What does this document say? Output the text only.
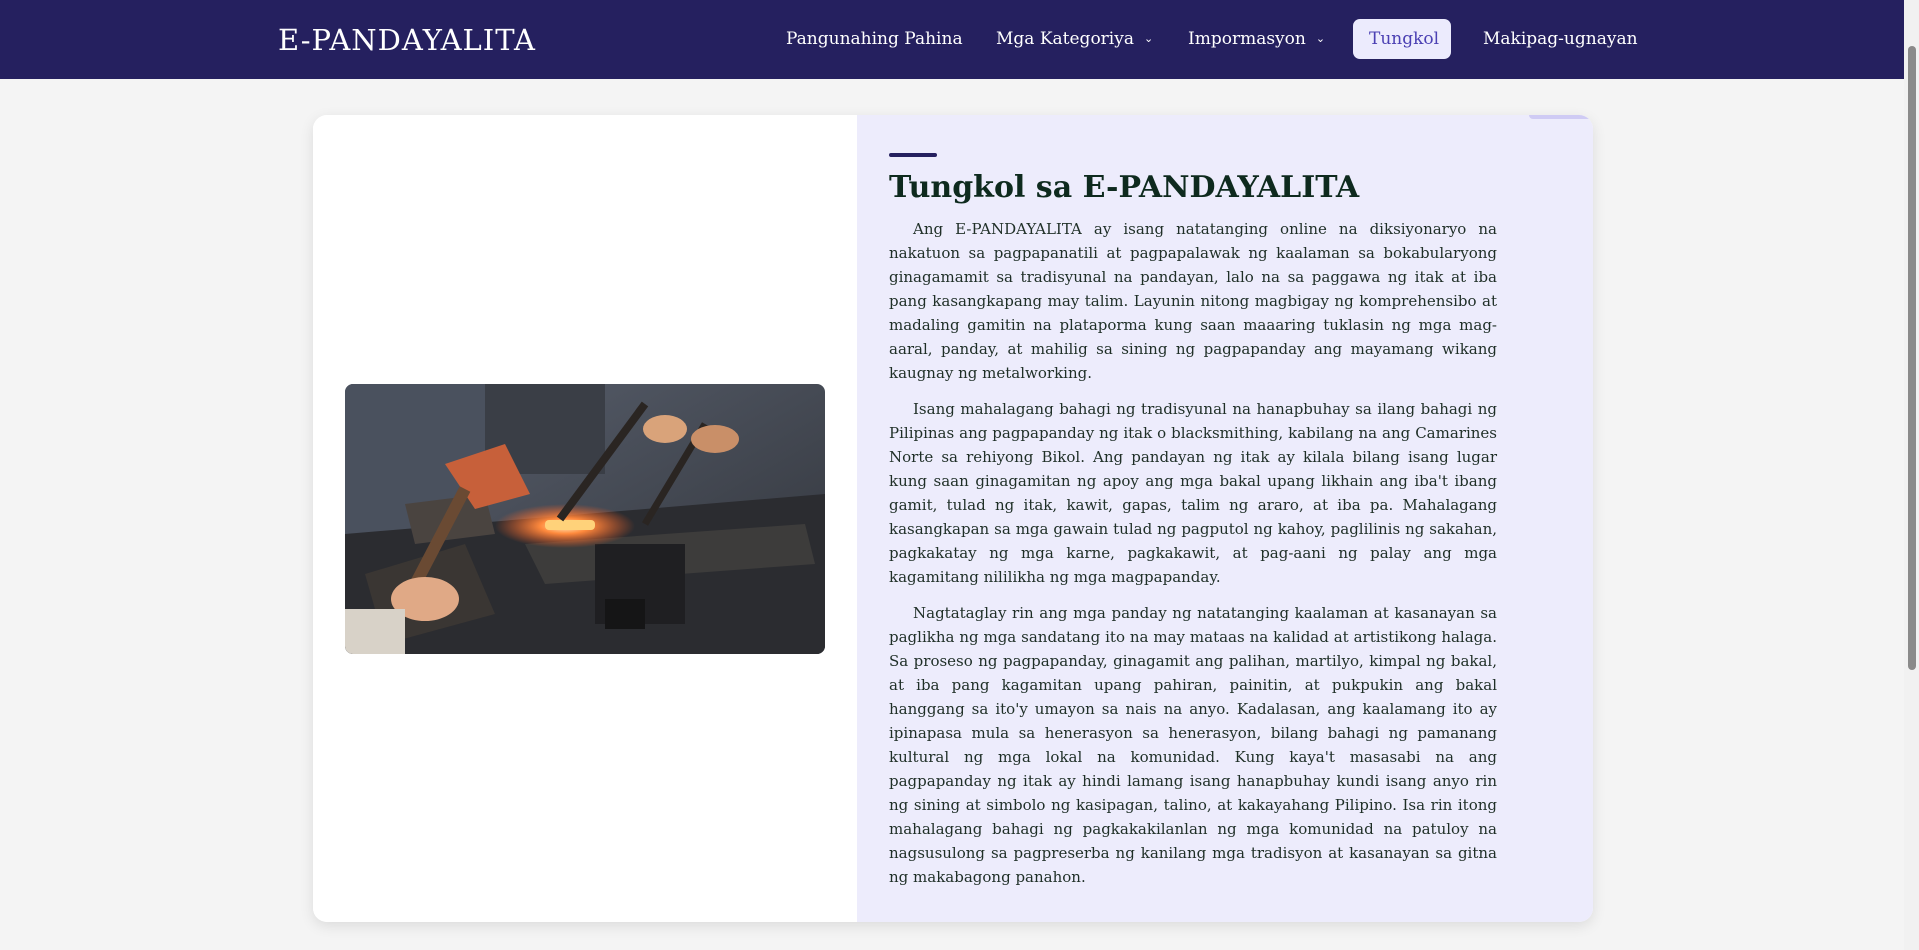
E-PANDAYALITA	Pangunahing Pahina Mga Kategoriya ⌄ Impormasyon ⌄	Tungkol	Makipag-ugnayan
Tungkol sa E-PANDAYALITA

Ang E-PANDAYALITA ay isang natatanging online na diksiyonaryo na nakatuon sa pagpapanatili at pagpapalawak ng kaalaman sa bokabularyong ginagamamit sa tradisyunal na pandayan, lalo na sa paggawa ng itak at iba pang kasangkapang may talim. Layunin nitong magbigay ng komprehensibo at madaling gamitin na plataporma kung saan maaaring tuklasin ng mga mag-aaral, panday, at mahilig sa sining ng pagpapanday ang mayamang wikang kaugnay ng metalworking.

Isang mahalagang bahagi ng tradisyunal na hanapbuhay sa ilang bahagi ng Pilipinas ang pagpapanday ng itak o blacksmithing, kabilang na ang Camarines Norte sa rehiyong Bikol. Ang pandayan ng itak ay kilala bilang isang lugar kung saan ginagamitan ng apoy ang mga bakal upang likhain ang iba't ibang gamit, tulad ng itak, kawit, gapas, talim ng araro, at iba pa. Mahalagang kasangkapan sa mga gawain tulad ng pagputol ng kahoy, paglilinis ng sakahan, pagkakatay ng mga karne, pagkakawit, at pag-aani ng palay ang mga kagamitang nililikha ng mga magpapanday.

Nagtataglay rin ang mga panday ng natatanging kaalaman at kasanayan sa paglikha ng mga sandatang ito na may mataas na kalidad at artistikong halaga. Sa proseso ng pagpapanday, ginagamit ang palihan, martilyo, kimpal ng bakal, at iba pang kagamitan upang pahiran, painitin, at pukpukin ang bakal hanggang sa ito'y umayon sa nais na anyo. Kadalasan, ang kaalamang ito ay ipinapasa mula sa henerasyon sa henerasyon, bilang bahagi ng pamanang kultural ng mga lokal na komunidad. Kung kaya't masasabi na ang pagpapanday ng itak ay hindi lamang isang hanapbuhay kundi isang anyo rin ng sining at simbolo ng kasipagan, talino, at kakayahang Pilipino. Isa rin itong mahalagang bahagi ng pagkakakilanlan ng mga komunidad na patuloy na nagsusulong sa pagpreserba ng kanilang mga tradisyon at kasanayan sa gitna ng makabagong panahon.
